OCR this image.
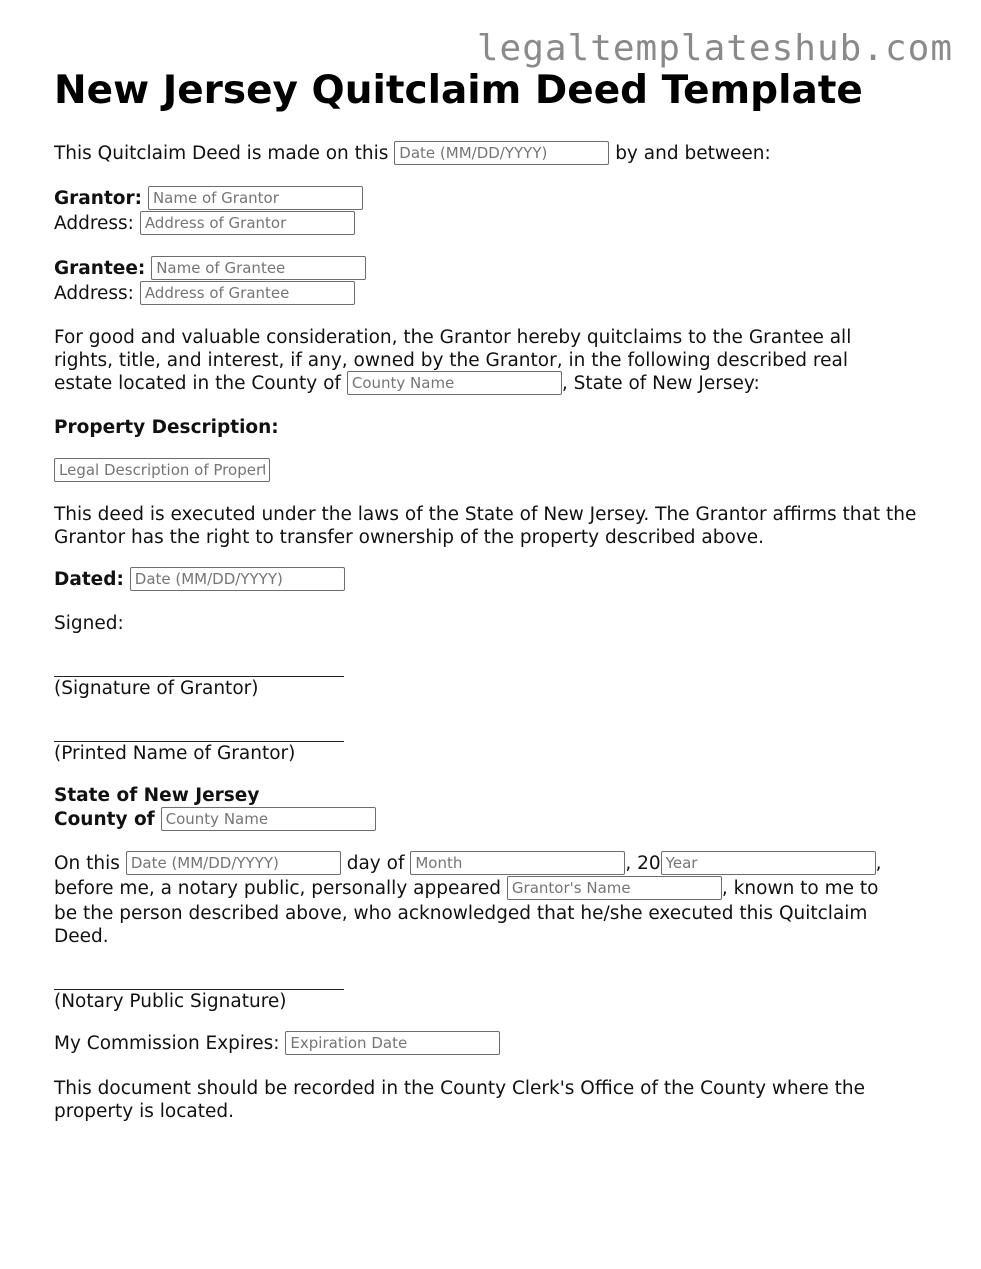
legaltemplateshub.com
New Jersey Quitclaim Deed Template
This Quitclaim Deed is made on this Date (MM/DD/YYYY)	by and between:
Grantor: Name of Grantor
Address: Address of Grantor
Grantee: Name of Grantee
Address: Address of Grantee
For good and valuable consideration, the Grantor hereby quitclaims to the Grantee all rights, title, and interest, if any, owned by the Grantor, in the following described real estate located in the County of County Name	, State of New Jersey:
Property Description:
Legal Description of Property
This deed is executed under the laws of the State of New Jersey. The Grantor affirms that the Grantor has the right to transfer ownership of the property described above.
Dated: Date (MM/DD/YYYY)
Signed:
(Signature of Grantor)
(Printed Name of Grantor)
State of New Jersey
County of County Name
On this Date (MM/DD/YYYY)	day of Month	, 20Year	,
before me, a notary public, personally appeared Grantor's Name	, known to me to
be the person described above, who acknowledged that he/she executed this Quitclaim Deed.
(Notary Public Signature)
My Commission Expires: Expiration Date
This document should be recorded in the County Clerk's Office of the County where the property is located.
